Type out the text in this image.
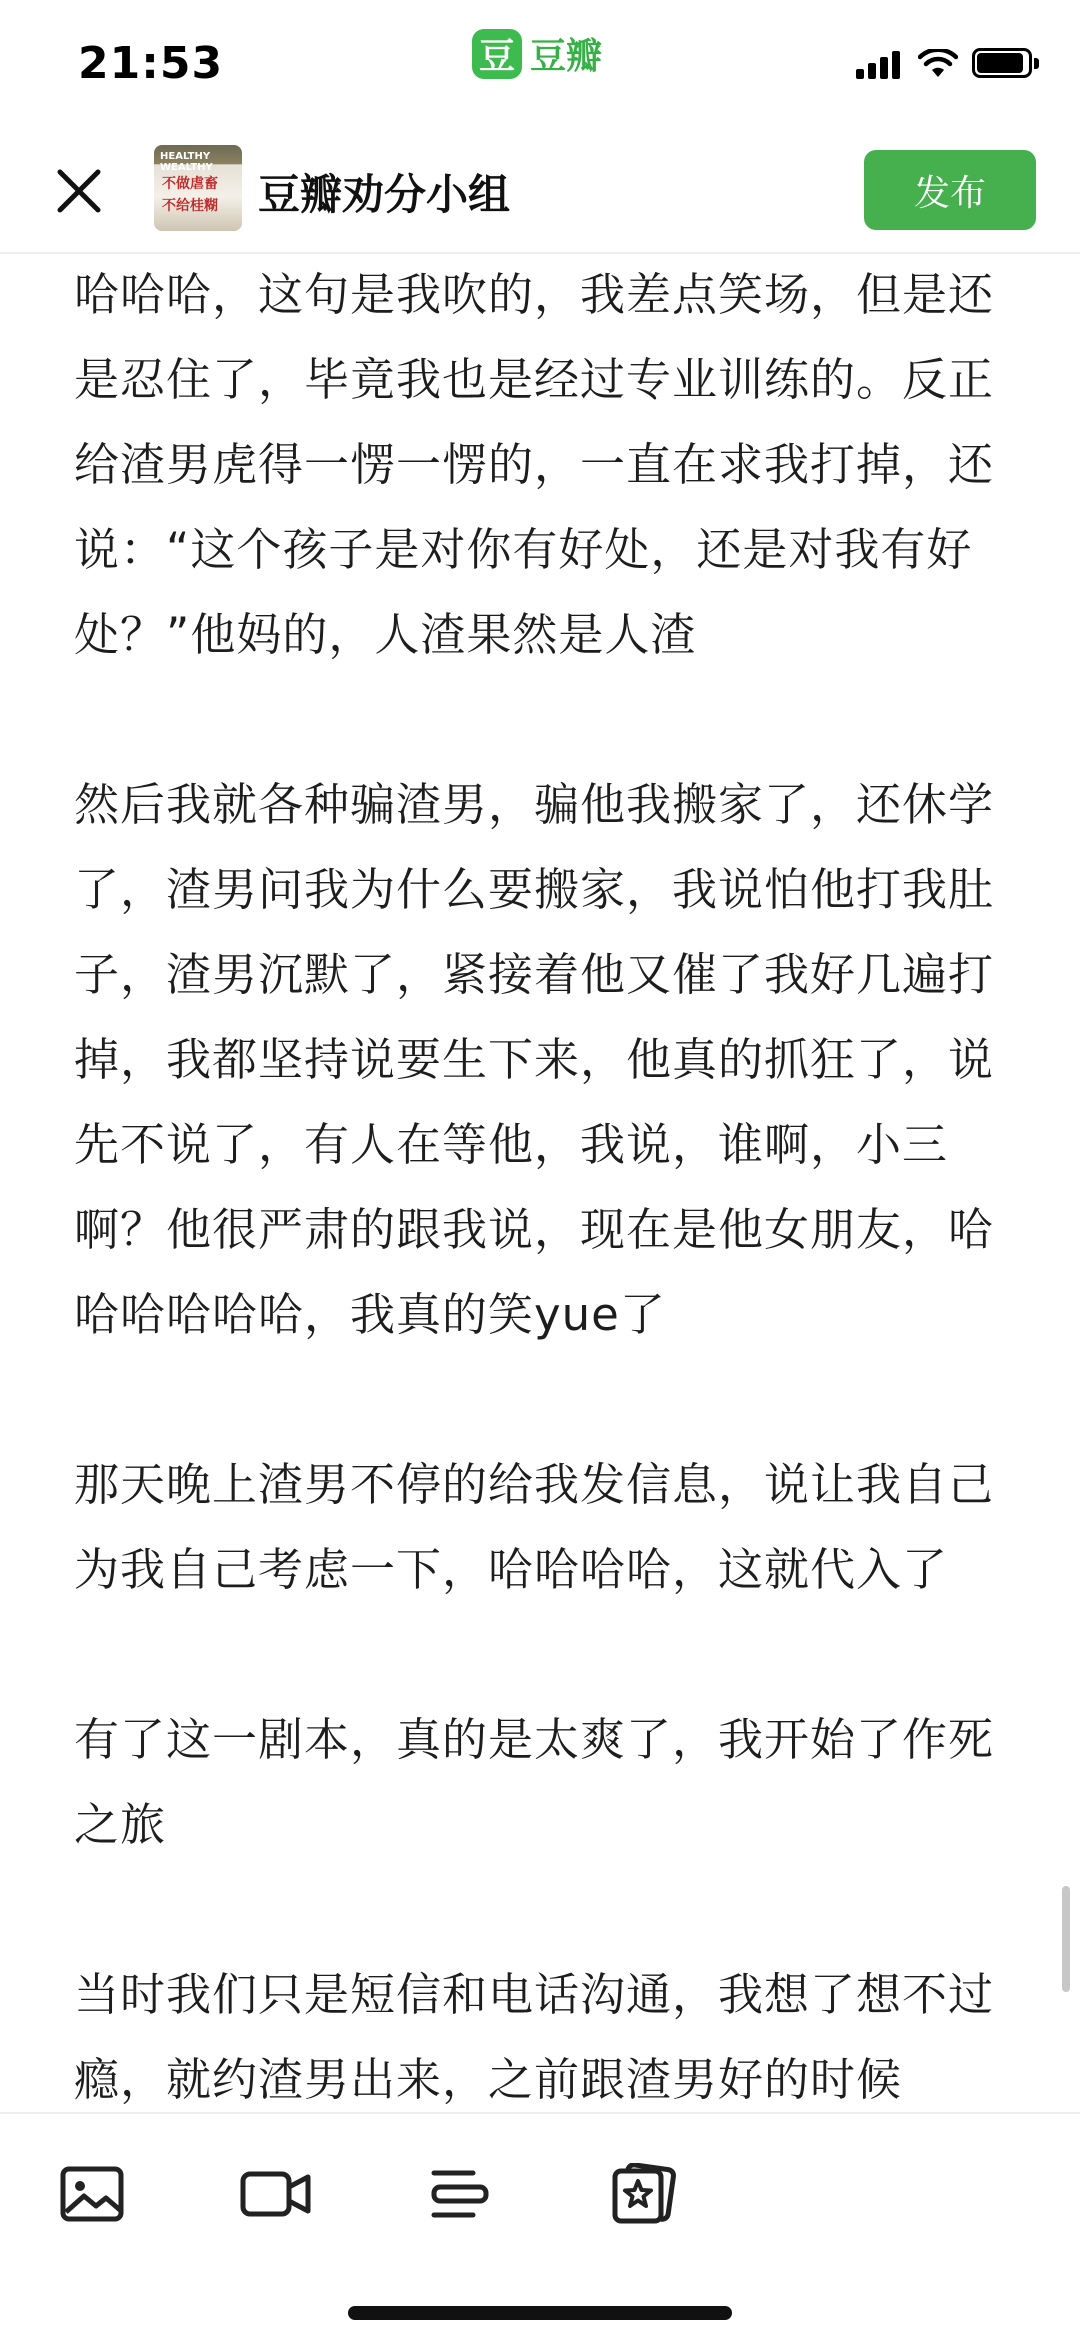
21:53	豆 豆瓣
HEALTHY WEALTHY
不做虐畜
不给桂糊 豆瓣劝分小组	发布

哈哈哈，这句是我吹的，我差点笑场，但是还是忍住了，毕竟我也是经过专业训练的。反正给渣男虎得一愣一愣的，一直在求我打掉，还说：“这个孩子是对你有好处，还是对我有好处？”他妈的，人渣果然是人渣

然后我就各种骗渣男，骗他我搬家了，还休学了，渣男问我为什么要搬家，我说怕他打我肚子，渣男沉默了，紧接着他又催了我好几遍打掉，我都坚持说要生下来，他真的抓狂了，说先不说了，有人在等他，我说，谁啊，小三啊？他很严肃的跟我说，现在是他女朋友，哈哈哈哈哈哈，我真的笑yue了

那天晚上渣男不停的给我发信息，说让我自己为我自己考虑一下，哈哈哈哈，这就代入了

有了这一剧本，真的是太爽了，我开始了作死之旅

当时我们只是短信和电话沟通，我想了想不过瘾，就约渣男出来，之前跟渣男好的时候
